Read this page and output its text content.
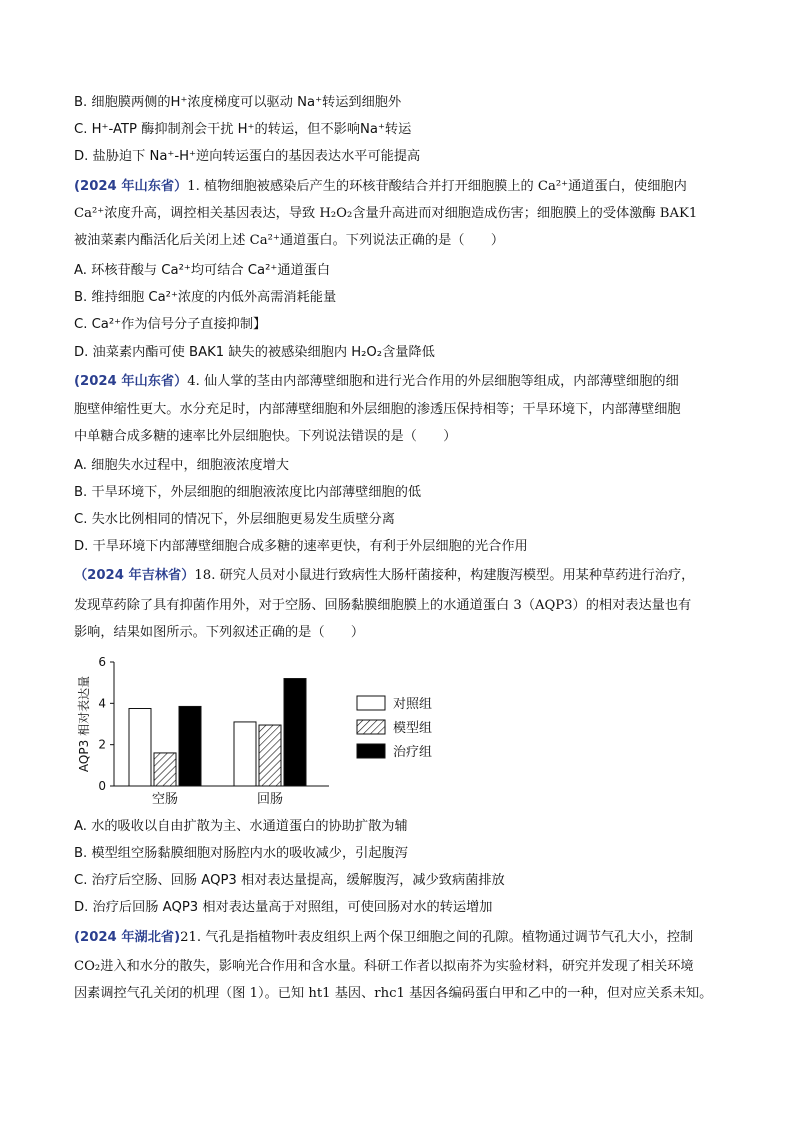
B. 细胞膜两侧的H⁺浓度梯度可以驱动 Na⁺转运到细胞外
C. H⁺-ATP 酶抑制剂会干扰 H⁺的转运，但不影响Na⁺转运
D. 盐胁迫下 Na⁺-H⁺逆向转运蛋白的基因表达水平可能提高
(2024 年山东省）1. 植物细胞被感染后产生的环核苷酸结合并打开细胞膜上的 Ca²⁺通道蛋白，使细胞内
Ca²⁺浓度升高，调控相关基因表达，导致 H₂O₂含量升高进而对细胞造成伤害；细胞膜上的受体激酶 BAK1
被油菜素内酯活化后关闭上述 Ca²⁺通道蛋白。下列说法正确的是（　　）
A. 环核苷酸与 Ca²⁺均可结合 Ca²⁺通道蛋白
B. 维持细胞 Ca²⁺浓度的内低外高需消耗能量
C. Ca²⁺作为信号分子直接抑制】
D. 油菜素内酯可使 BAK1 缺失的被感染细胞内 H₂O₂含量降低
(2024 年山东省）4. 仙人掌的茎由内部薄壁细胞和进行光合作用的外层细胞等组成，内部薄壁细胞的细
胞壁伸缩性更大。水分充足时，内部薄壁细胞和外层细胞的渗透压保持相等；干旱环境下，内部薄壁细胞
中单糖合成多糖的速率比外层细胞快。下列说法错误的是（　　）
A. 细胞失水过程中，细胞液浓度增大
B. 干旱环境下，外层细胞的细胞液浓度比内部薄壁细胞的低
C. 失水比例相同的情况下，外层细胞更易发生质壁分离
D. 干旱环境下内部薄壁细胞合成多糖的速率更快，有利于外层细胞的光合作用
（2024 年吉林省）18. 研究人员对小鼠进行致病性大肠杆菌接种，构建腹泻模型。用某种草药进行治疗，
发现草药除了具有抑菌作用外，对于空肠、回肠黏膜细胞膜上的水通道蛋白 3（AQP3）的相对表达量也有
影响，结果如图所示。下列叙述正确的是（　　）
0
2
4
6
AQP3 相对表达量
空肠	回肠
对照组
模型组
治疗组
A. 水的吸收以自由扩散为主、水通道蛋白的协助扩散为辅
B. 模型组空肠黏膜细胞对肠腔内水的吸收减少，引起腹泻
C. 治疗后空肠、回肠 AQP3 相对表达量提高，缓解腹泻，减少致病菌排放
D. 治疗后回肠 AQP3 相对表达量高于对照组，可使回肠对水的转运增加
(2024 年湖北省)21. 气孔是指植物叶表皮组织上两个保卫细胞之间的孔隙。植物通过调节气孔大小，控制
CO₂进入和水分的散失，影响光合作用和含水量。科研工作者以拟南芥为实验材料，研究并发现了相关环境
因素调控气孔关闭的机理（图 1）。已知 ht1 基因、rhc1 基因各编码蛋白甲和乙中的一种，但对应关系未知。
